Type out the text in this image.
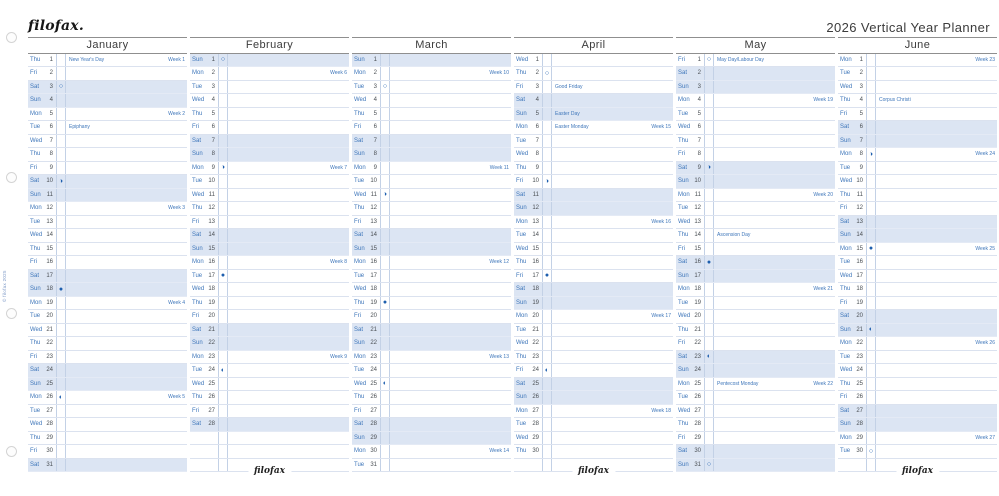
© filofax 2025
filofax.	2026 Vertical Year Planner
January
Thu	1	New Year's Day	Week 1
Fri	2
Sat	3 ○
Sun	4
Mon	5	Week 2
Tue	6	Epiphany
Wed	7
Thu	8
Fri	9
Sat	10 ◑
Sun	11
Mon 12	Week 3
Tue	13
Wed 14
Thu 15
Fri	16
Sat	17
Sun 18 ●
Mon 19	Week 4
Tue	20
Wed 21
Thu 22
Fri	23
Sat	24
Sun 25
Mon 26 ◐	Week 5
Tue	27
Wed 28
Thu 29
Fri	30
Sat	31
February
Sun	1 ○
Mon	2	Week 6
Tue	3
Wed	4
Thu	5
Fri	6
Sat	7
Sun	8
Mon	9 ◑	Week 7
Tue	10
Wed 11
Thu 12
Fri	13
Sat	14
Sun 15
Mon 16	Week 8
Tue	17 ●
Wed 18
Thu 19
Fri	20
Sat	21
Sun 22
Mon 23	Week 9
Tue	24 ◐
Wed 25
Thu 26
Fri	27
Sat	28
filofax
March
Sun	1
Mon	2	Week 10
Tue	3 ○
Wed	4
Thu	5
Fri	6
Sat	7
Sun	8
Mon	9	Week 11
Tue	10
Wed 11 ◑
Thu 12
Fri	13
Sat	14
Sun 15
Mon 16	Week 12
Tue	17
Wed 18
Thu 19 ●
Fri	20
Sat	21
Sun 22
Mon 23	Week 13
Tue	24
Wed 25 ◐
Thu 26
Fri	27
Sat	28
Sun 29
Mon 30	Week 14
Tue	31
April
Wed	1
Thu	2 ○
Fri	3	Good Friday
Sat	4
Sun	5	Easter Day
Mon	6	Easter Monday	Week 15
Tue	7
Wed	8
Thu	9
Fri	10 ◑
Sat	11
Sun 12
Mon 13	Week 16
Tue	14
Wed 15
Thu 16
Fri	17 ●
Sat	18
Sun 19
Mon 20	Week 17
Tue	21
Wed 22
Thu 23
Fri	24 ◐
Sat	25
Sun 26
Mon 27	Week 18
Tue	28
Wed 29
Thu 30
filofax
May
Fri	1 ○	May Day/Labour Day
Sat	2
Sun	3
Mon	4	Week 19
Tue	5
Wed	6
Thu	7
Fri	8
Sat	9 ◑
Sun 10
Mon 11	Week 20
Tue	12
Wed 13
Thu 14	Ascension Day
Fri	15
Sat	16 ●
Sun 17
Mon 18	Week 21
Tue	19
Wed 20
Thu 21
Fri	22
Sat	23 ◐
Sun 24
Mon 25	Pentecost Monday	Week 22
Tue	26
Wed 27
Thu 28
Fri	29
Sat	30
Sun 31 ○
June
Mon	1	Week 23
Tue	2
Wed	3
Thu	4	Corpus Christi
Fri	5
Sat	6
Sun	7
Mon	8 ◑	Week 24
Tue	9
Wed 10
Thu	11
Fri	12
Sat	13
Sun 14
Mon 15 ●	Week 25
Tue	16
Wed 17
Thu 18
Fri	19
Sat	20
Sun 21 ◐
Mon 22	Week 26
Tue	23
Wed 24
Thu 25
Fri	26
Sat	27
Sun 28
Mon 29	Week 27
Tue	30 ○
filofax
